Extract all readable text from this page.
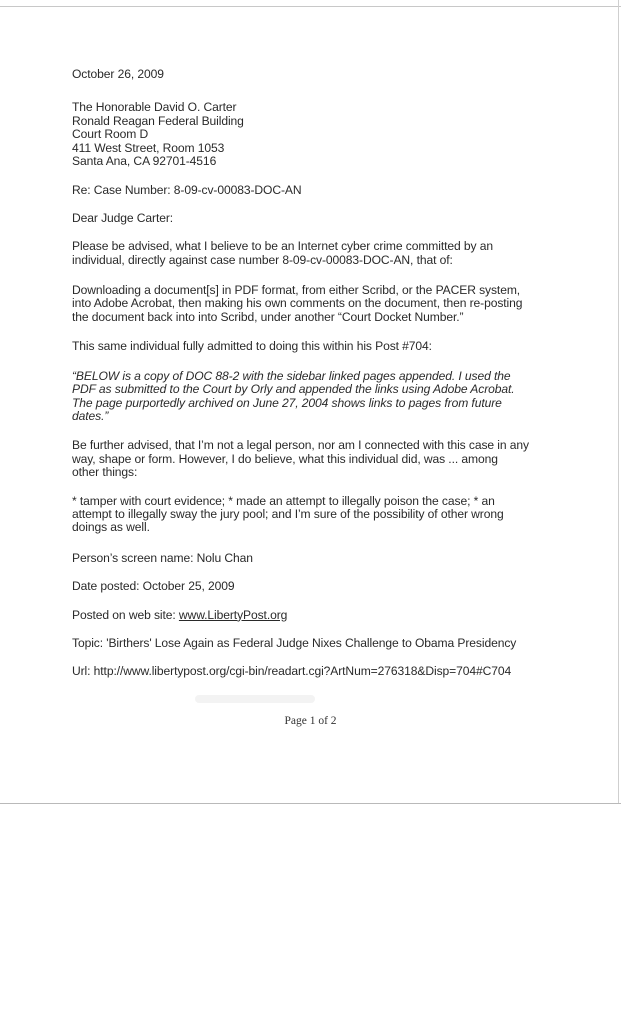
October 26, 2009

The Honorable David O. Carter
Ronald Reagan Federal Building
Court Room D
411 West Street, Room 1053
Santa Ana, CA 92701-4516

Re: Case Number: 8-09-cv-00083-DOC-AN

Dear Judge Carter:

Please be advised, what I believe to be an Internet cyber crime committed by an
individual, directly against case number 8-09-cv-00083-DOC-AN, that of:

Downloading a document[s] in PDF format, from either Scribd, or the PACER system,
into Adobe Acrobat, then making his own comments on the document, then re-posting
the document back into into Scribd, under another “Court Docket Number.”

This same individual fully admitted to doing this within his Post #704:

“BELOW is a copy of DOC 88-2 with the sidebar linked pages appended. I used the
PDF as submitted to the Court by Orly and appended the links using Adobe Acrobat.
The page purportedly archived on June 27, 2004 shows links to pages from future
dates.”

Be further advised, that I’m not a legal person, nor am I connected with this case in any
way, shape or form. However, I do believe, what this individual did, was ... among
other things:

* tamper with court evidence; * made an attempt to illegally poison the case; * an
attempt to illegally sway the jury pool; and I’m sure of the possibility of other wrong
doings as well.

Person’s screen name: Nolu Chan

Date posted: October 25, 2009

Posted on web site: www.LibertyPost.org

Topic: 'Birthers' Lose Again as Federal Judge Nixes Challenge to Obama Presidency

Url: http://www.libertypost.org/cgi-bin/readart.cgi?ArtNum=276318&Disp=704#C704

Page 1 of 2
